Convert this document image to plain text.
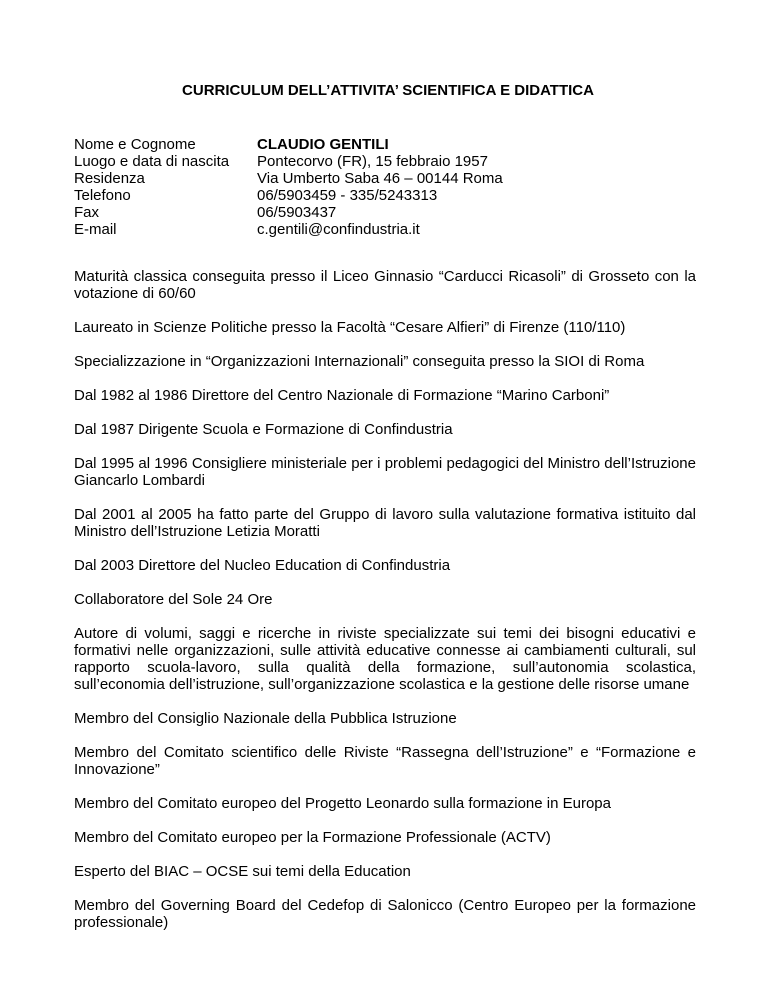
CURRICULUM DELL’ATTIVITA’ SCIENTIFICA E DIDATTICA
Nome e Cognome	CLAUDIO GENTILI
Luogo e data di nascita	Pontecorvo (FR), 15 febbraio 1957
Residenza	Via Umberto Saba 46 – 00144 Roma
Telefono	06/5903459 - 335/5243313
Fax	06/5903437
E-mail	c.gentili@confindustria.it

Maturità classica conseguita presso il Liceo Ginnasio “Carducci Ricasoli” di Grosseto con la votazione di 60/60

Laureato in Scienze Politiche presso la Facoltà “Cesare Alfieri” di Firenze (110/110)

Specializzazione in “Organizzazioni Internazionali” conseguita presso la SIOI di Roma

Dal 1982 al 1986 Direttore del Centro Nazionale di Formazione “Marino Carboni”

Dal 1987 Dirigente Scuola e Formazione di Confindustria

Dal 1995 al 1996 Consigliere ministeriale per i problemi pedagogici del Ministro dell’Istruzione Giancarlo Lombardi

Dal 2001 al 2005 ha fatto parte del Gruppo di lavoro sulla valutazione formativa istituito dal Ministro dell’Istruzione Letizia Moratti

Dal 2003 Direttore del Nucleo Education di Confindustria

Collaboratore del Sole 24 Ore

Autore di volumi, saggi e ricerche in riviste specializzate sui temi dei bisogni educativi e formativi nelle organizzazioni, sulle attività educative connesse ai cambiamenti culturali, sul rapporto scuola-lavoro, sulla qualità della formazione, sull’autonomia scolastica, sull’economia dell’istruzione, sull’organizzazione scolastica e la gestione delle risorse umane

Membro del Consiglio Nazionale della Pubblica Istruzione

Membro del Comitato scientifico delle Riviste “Rassegna dell’Istruzione” e “Formazione e Innovazione”

Membro del Comitato europeo del Progetto Leonardo sulla formazione in Europa

Membro del Comitato europeo per la Formazione Professionale (ACTV)

Esperto del BIAC – OCSE sui temi della Education

Membro del Governing Board del Cedefop di Salonicco (Centro Europeo per la formazione professionale)
